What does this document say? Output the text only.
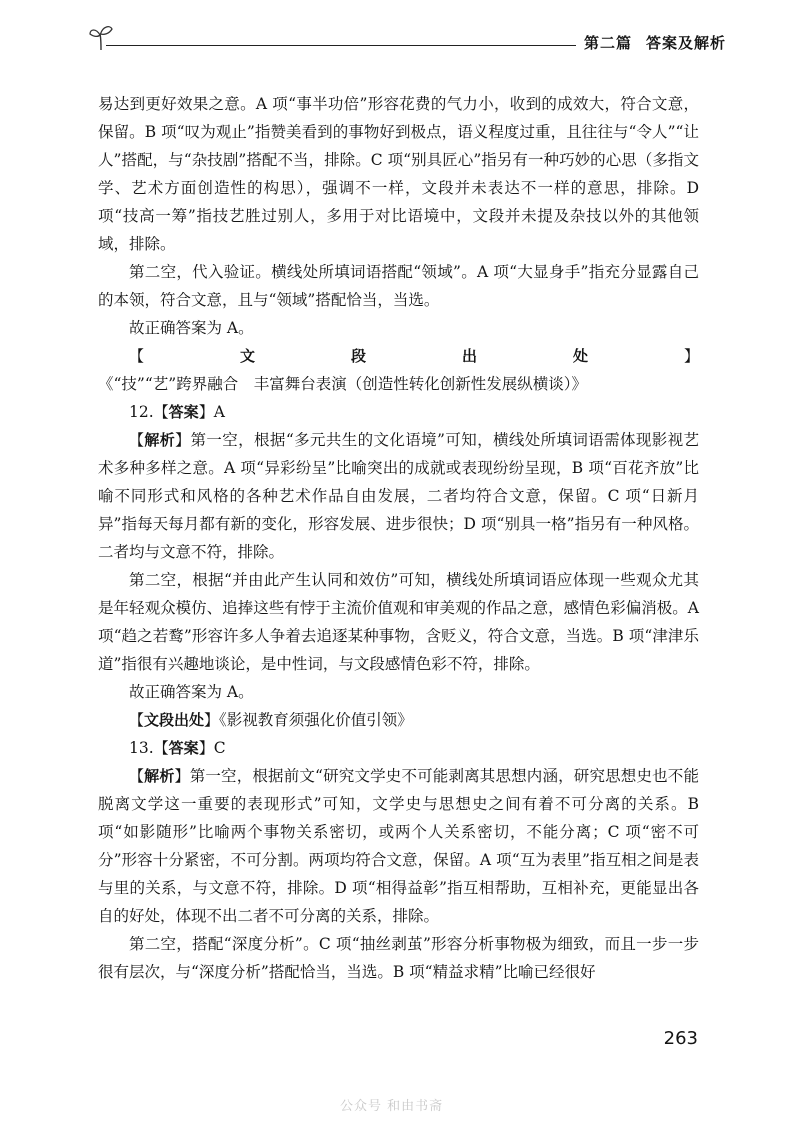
第二篇 答案及解析

易达到更好效果之意。A 项“事半功倍”形容花费的气力小，收到的成效大，符合文意，保留。B 项“叹为观止”指赞美看到的事物好到极点，语义程度过重，且往往与“令人”“让人”搭配，与“杂技剧”搭配不当，排除。C 项“别具匠心”指另有一种巧妙的心思（多指文学、艺术方面创造性的构思），强调不一样，文段并未表达不一样的意思，排除。D 项“技高一筹”指技艺胜过别人，多用于对比语境中，文段并未提及杂技以外的其他领域，排除。

第二空，代入验证。横线处所填词语搭配“领域”。A 项“大显身手”指充分显露自己的本领，符合文意，且与“领域”搭配恰当，当选。

故正确答案为 A。

【文段出处】《“技”“艺”跨界融合　丰富舞台表演（创造性转化创新性发展纵横谈）》

12.【答案】A

【解析】第一空，根据“多元共生的文化语境”可知，横线处所填词语需体现影视艺术多种多样之意。A 项“异彩纷呈”比喻突出的成就或表现纷纷呈现，B 项“百花齐放”比喻不同形式和风格的各种艺术作品自由发展，二者均符合文意，保留。C 项“日新月异”指每天每月都有新的变化，形容发展、进步很快；D 项“别具一格”指另有一种风格。二者均与文意不符，排除。

第二空，根据“并由此产生认同和效仿”可知，横线处所填词语应体现一些观众尤其是年轻观众模仿、追捧这些有悖于主流价值观和审美观的作品之意，感情色彩偏消极。A 项“趋之若鹜”形容许多人争着去追逐某种事物，含贬义，符合文意，当选。B 项“津津乐道”指很有兴趣地谈论，是中性词，与文段感情色彩不符，排除。

故正确答案为 A。

【文段出处】《影视教育须强化价值引领》

13.【答案】C

【解析】第一空，根据前文“研究文学史不可能剥离其思想内涵，研究思想史也不能脱离文学这一重要的表现形式”可知，文学史与思想史之间有着不可分离的关系。B 项“如影随形”比喻两个事物关系密切，或两个人关系密切，不能分离；C 项“密不可分”形容十分紧密，不可分割。两项均符合文意，保留。A 项“互为表里”指互相之间是表与里的关系，与文意不符，排除。D 项“相得益彰”指互相帮助，互相补充，更能显出各自的好处，体现不出二者不可分离的关系，排除。

第二空，搭配“深度分析”。C 项“抽丝剥茧”形容分析事物极为细致，而且一步一步很有层次，与“深度分析”搭配恰当，当选。B 项“精益求精”比喻已经很好

263
公众号 和由书斋
